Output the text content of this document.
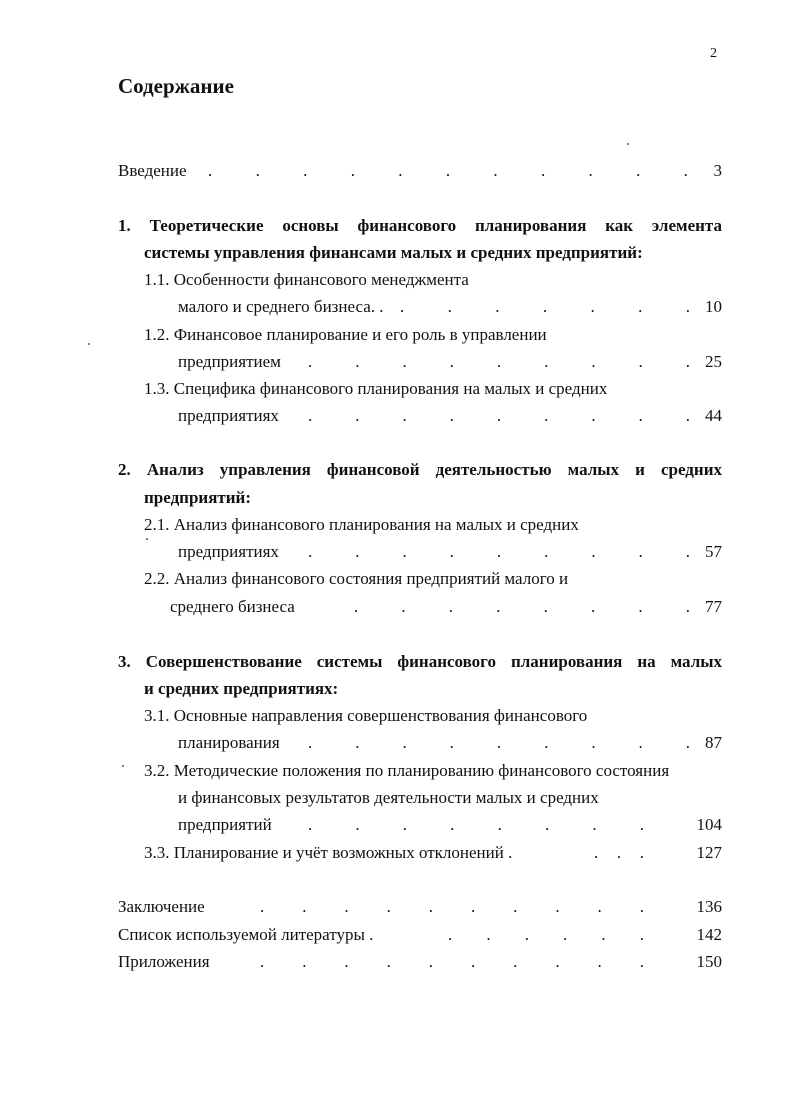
2
Содержание
Введение .	.	.	.	.	.	.	.	.	.	. 3
1. Теоретические основы финансового планирования как элемента
системы управления финансами малых и средних предприятий:
1.1. Особенности финансового менеджмента
малого и среднего бизнеса. . .	.	.	.	.	.	. 10
1.2. Финансовое планирование и его роль в управлении
предприятием .	.	.	.	.	.	.	.	. 25
1.3. Специфика финансового планирования на малых и средних
предприятиях .	.	.	.	.	.	.	.	. 44
2. Анализ управления финансовой деятельностью малых и средних
предприятий:
2.1. Анализ финансового планирования на малых и средних
предприятиях .	.	.	.	.	.	.	.	. 57
2.2. Анализ финансового состояния предприятий малого и
среднего бизнеса	.	.	.	.	.	.	.	. 77
3. Совершенствование системы финансового планирования на малых
и средних предприятиях:
3.1. Основные направления совершенствования финансового
планирования .	.	.	.	.	.	.	.	. 87
3.2. Методические положения по планированию финансового состояния
и финансовых результатов деятельности малых и средних
предприятий .	.	.	.	.	.	.	.	104
3.3. Планирование и учёт возможных отклонений .	. . .	127
Заключение	. . . . . . . . . .	136
Список используемой литературы .	. . . . . .	142
Приложения	. . . . . . . . . .	150
